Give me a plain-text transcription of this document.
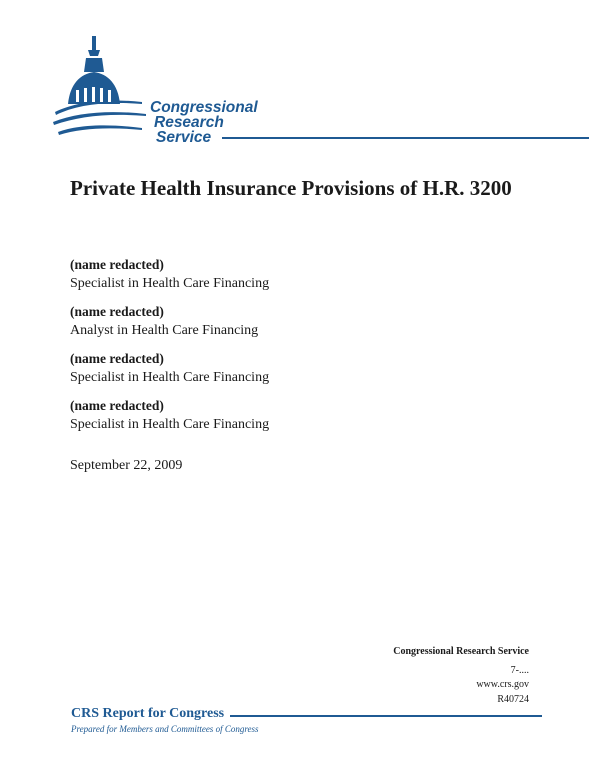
Congressional
Research
Service
Private Health Insurance Provisions of H.R. 3200
(name redacted)
Specialist in Health Care Financing
(name redacted)
Analyst in Health Care Financing
(name redacted)
Specialist in Health Care Financing
(name redacted)
Specialist in Health Care Financing
September 22, 2009
Congressional Research Service
7-....
www.crs.gov
R40724
CRS Report for Congress
Prepared for Members and Committees of Congress
